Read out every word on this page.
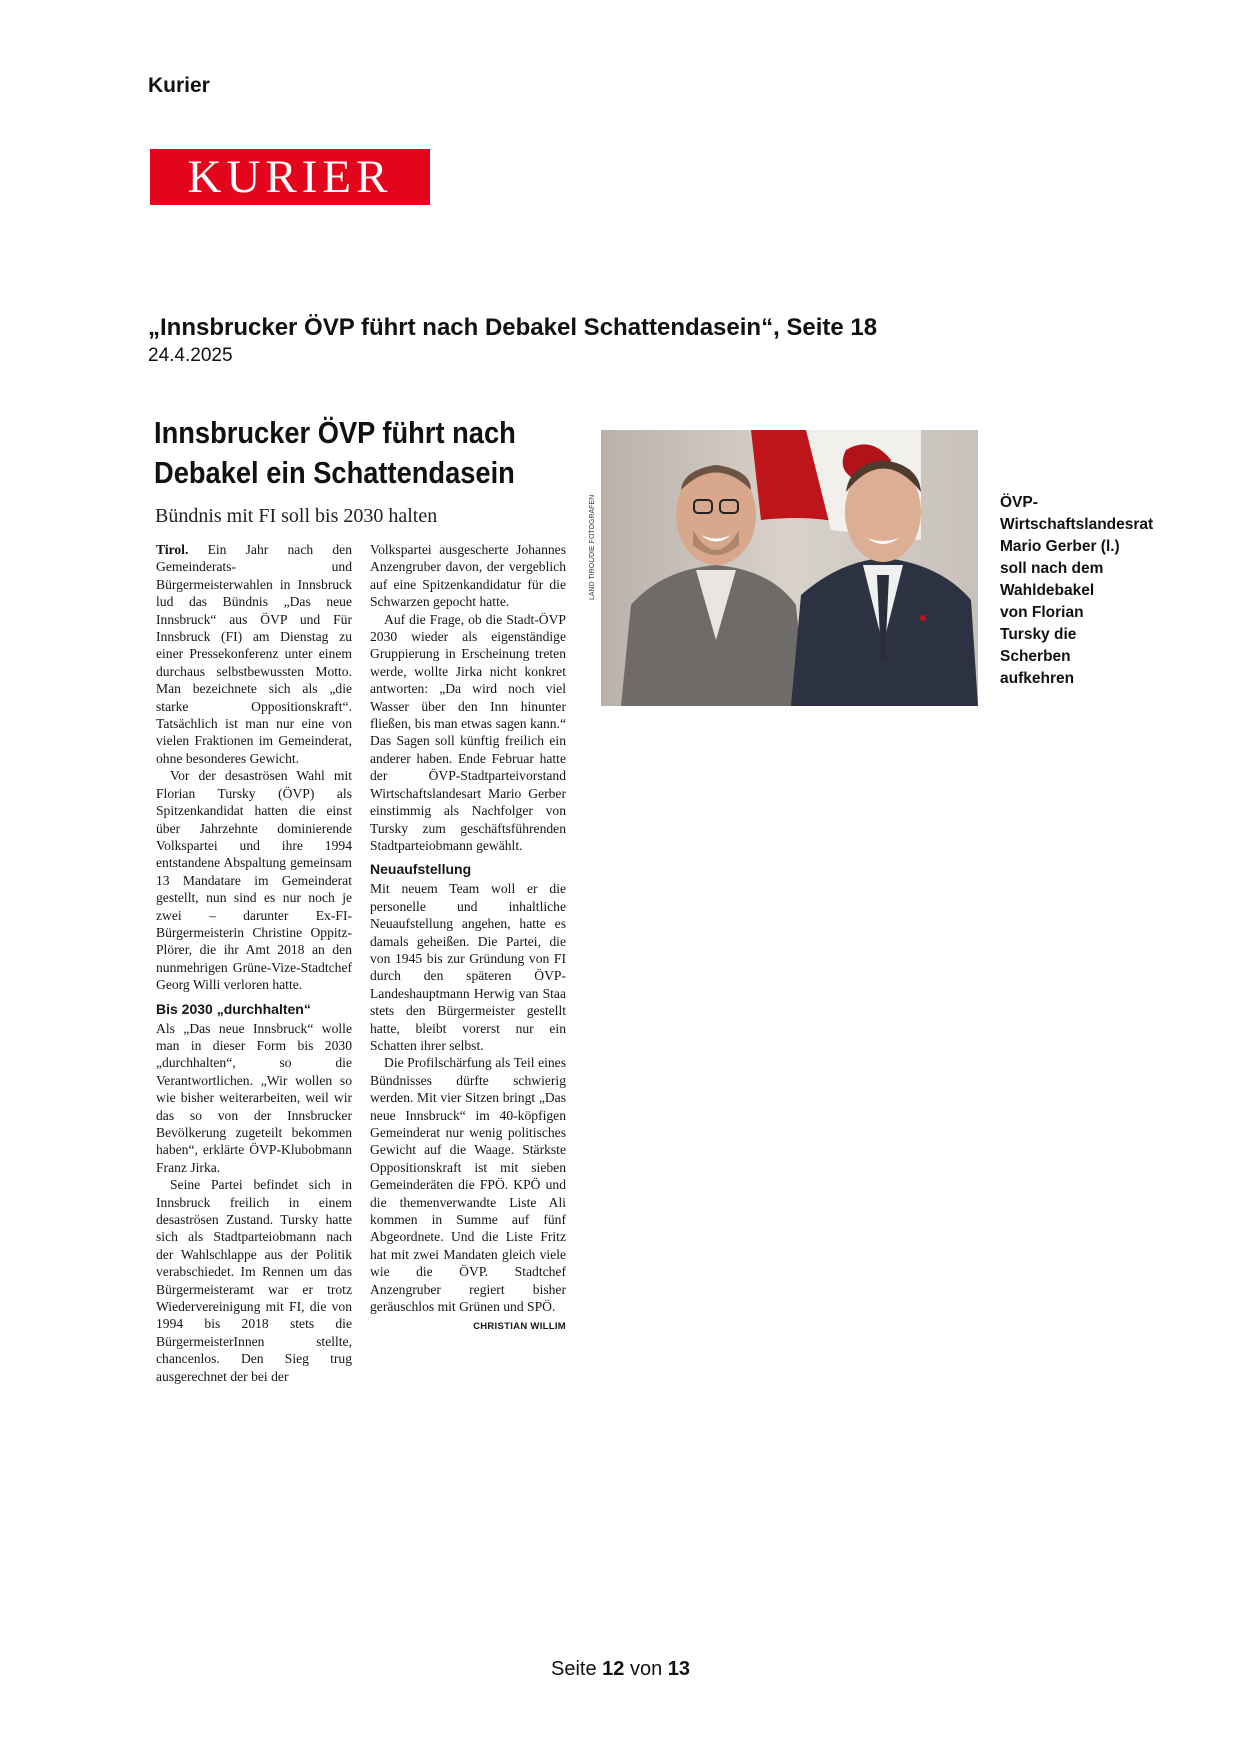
Kurier
KURIER
„Innsbrucker ÖVP führt nach Debakel Schattendasein“, Seite 18
24.4.2025
Innsbrucker ÖVP führt nach
Debakel ein Schattendasein
Bündnis mit FI soll bis 2030 halten

Tirol. Ein Jahr nach den Gemeinderats- und Bürgermeisterwahlen in Innsbruck lud das Bündnis „Das neue Innsbruck“ aus ÖVP und Für Innsbruck (FI) am Dienstag zu einer Pressekonferenz unter einem durchaus selbstbewussten Motto. Man bezeichnete sich als „die starke Oppositionskraft“. Tatsächlich ist man nur eine von vielen Fraktionen im Gemeinderat, ohne besonderes Gewicht.

Vor der desaströsen Wahl mit Florian Tursky (ÖVP) als Spitzenkandidat hatten die einst über Jahrzehnte dominierende Volkspartei und ihre 1994 entstandene Abspaltung gemeinsam 13 Mandatare im Gemeinderat gestellt, nun sind es nur noch je zwei – darunter Ex-FI-Bürgermeisterin Christine Oppitz-Plörer, die ihr Amt 2018 an den nunmehrigen Grüne-Vize-Stadtchef Georg Willi verloren hatte.

Bis 2030 „durchhalten“

Als „Das neue Innsbruck“ wolle man in dieser Form bis 2030 „durchhalten“, so die Verantwortlichen. „Wir wollen so wie bisher weiterarbeiten, weil wir das so von der Innsbrucker Bevölkerung zugeteilt bekommen haben“, erklärte ÖVP-Klubobmann Franz Jirka.

Seine Partei befindet sich in Innsbruck freilich in einem desaströsen Zustand. Tursky hatte sich als Stadtparteiobmann nach der Wahlschlappe aus der Politik verabschiedet. Im Rennen um das Bürgermeisteramt war er trotz Wiedervereinigung mit FI, die von 1994 bis 2018 stets die BürgermeisterInnen stellte, chancenlos. Den Sieg trug ausgerechnet der bei der

Volkspartei ausgescherte Johannes Anzengruber davon, der vergeblich auf eine Spitzenkandidatur für die Schwarzen gepocht hatte.

Auf die Frage, ob die Stadt-ÖVP 2030 wieder als eigenständige Gruppierung in Erscheinung treten werde, wollte Jirka nicht konkret antworten: „Da wird noch viel Wasser über den Inn hinunter fließen, bis man etwas sagen kann.“ Das Sagen soll künftig freilich ein anderer haben. Ende Februar hatte der ÖVP-Stadtparteivorstand Wirtschaftslandesart Mario Gerber einstimmig als Nachfolger von Tursky zum geschäftsführenden Stadtparteiobmann gewählt.

Neuaufstellung

Mit neuem Team woll er die personelle und inhaltliche Neuaufstellung angehen, hatte es damals geheißen. Die Partei, die von 1945 bis zur Gründung von FI durch den späteren ÖVP-Landeshauptmann Herwig van Staa stets den Bürgermeister gestellt hatte, bleibt vorerst nur ein Schatten ihrer selbst.

Die Profilschärfung als Teil eines Bündnisses dürfte schwierig werden. Mit vier Sitzen bringt „Das neue Innsbruck“ im 40-köpfigen Gemeinderat nur wenig politisches Gewicht auf die Waage. Stärkste Oppositionskraft ist mit sieben Gemeinderäten die FPÖ. KPÖ und die themenverwandte Liste Ali kommen in Summe auf fünf Abgeordnete. Und die Liste Fritz hat mit zwei Mandaten gleich viele wie die ÖVP. Stadtchef Anzengruber regiert bisher geräuschlos mit Grünen und SPÖ.

CHRISTIAN WILLIM
LAND TIROL/DIE FOTOGRAFEN	ÖVP-Wirtschaftslandesrat Mario Gerber (l.) soll nach dem Wahldebakel von Florian Tursky die Scherben aufkehren
Seite 12 von 13
